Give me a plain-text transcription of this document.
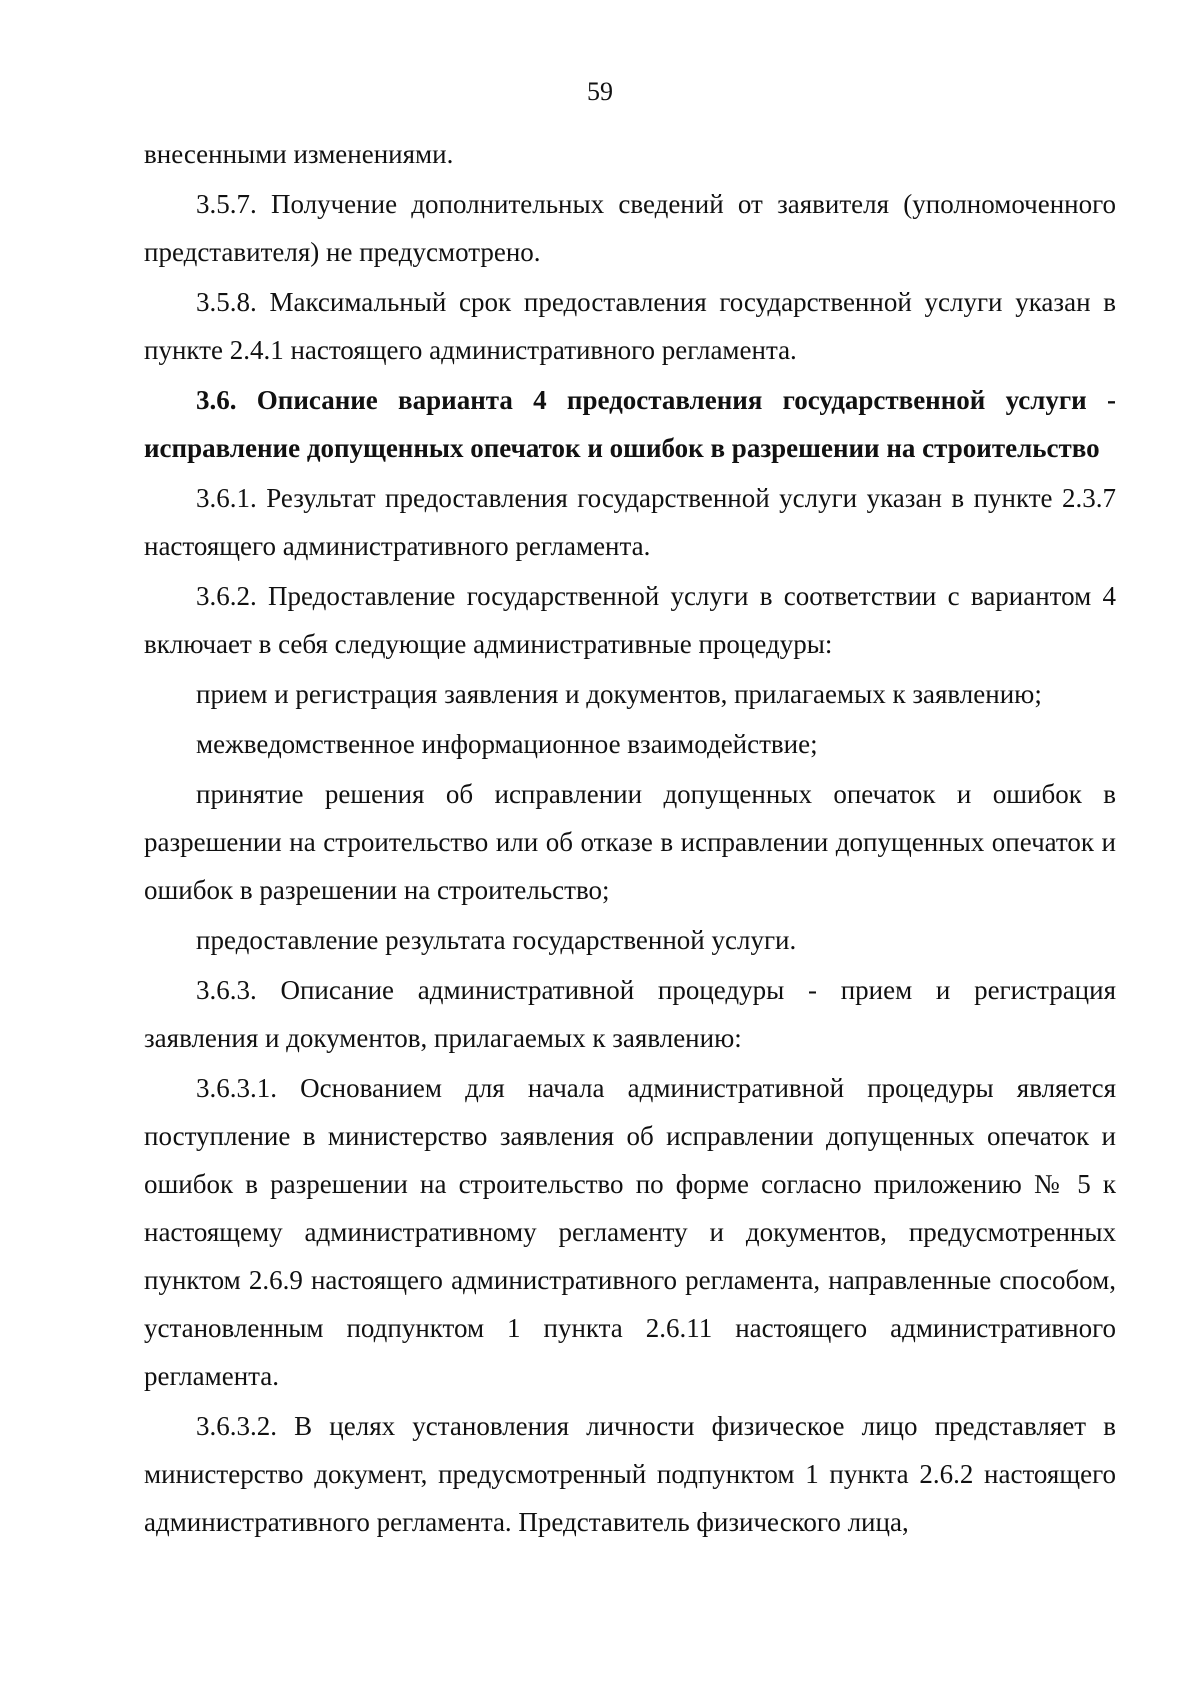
59

внесенными изменениями.

3.5.7. Получение дополнительных сведений от заявителя (уполномоченного представителя) не предусмотрено.

3.5.8. Максимальный срок предоставления государственной услуги указан в пункте 2.4.1 настоящего административного регламента.

3.6. Описание варианта 4 предоставления государственной услуги - исправление допущенных опечаток и ошибок в разрешении на строительство

3.6.1. Результат предоставления государственной услуги указан в пункте 2.3.7 настоящего административного регламента.

3.6.2. Предоставление государственной услуги в соответствии с вариантом 4 включает в себя следующие административные процедуры:

прием и регистрация заявления и документов, прилагаемых к заявлению;

межведомственное информационное взаимодействие;

принятие решения об исправлении допущенных опечаток и ошибок в разрешении на строительство или об отказе в исправлении допущенных опечаток и ошибок в разрешении на строительство;

предоставление результата государственной услуги.

3.6.3. Описание административной процедуры - прием и регистрация заявления и документов, прилагаемых к заявлению:

3.6.3.1. Основанием для начала административной процедуры является поступление в министерство заявления об исправлении допущенных опечаток и ошибок в разрешении на строительство по форме согласно приложению № 5 к настоящему административному регламенту и документов, предусмотренных пунктом 2.6.9 настоящего административного регламента, направленные способом, установленным подпунктом 1 пункта 2.6.11 настоящего административного регламента.

3.6.3.2. В целях установления личности физическое лицо представляет в министерство документ, предусмотренный подпунктом 1 пункта 2.6.2 настоящего административного регламента. Представитель физического лица,
